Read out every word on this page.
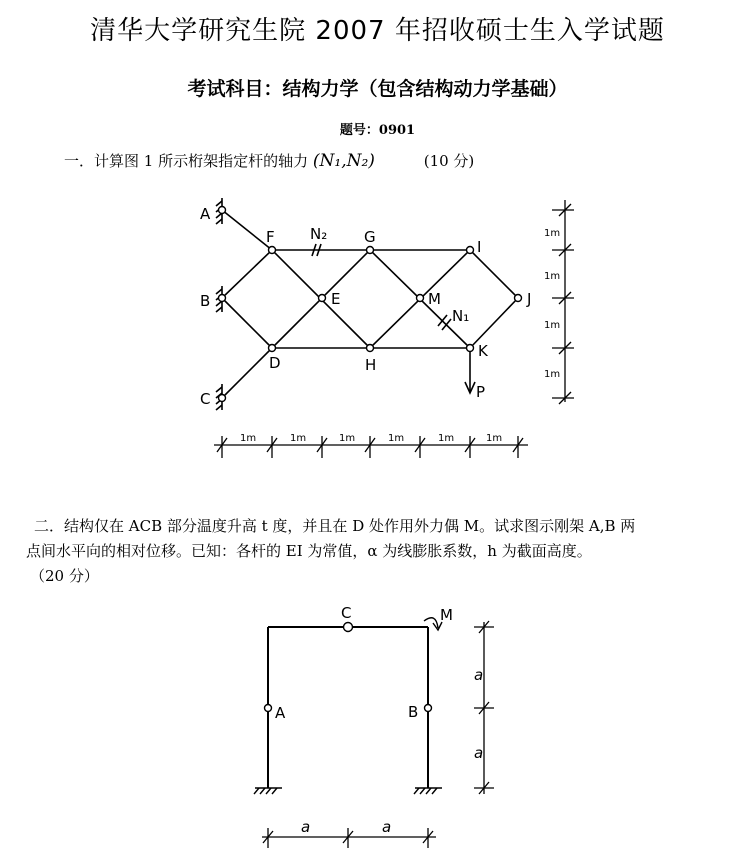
清华大学研究生院 2007 年招收硕士生入学试题
考试科目：结构力学（包含结构动力学基础）
题号：0901
一．计算图 1 所示桁架指定杆的轴力 (N₁,N₂)	(10 分)
A
B
C
F	G
I
E	M	J
D	H
K
P
N₂
N₁
1m	1m	1m	1m	1m	1m
1m
1m
1m
1m
二．结构仅在 ACB 部分温度升高 t 度，并且在 D 处作用外力偶 M。试求图示刚架 A,B 两
点间水平向的相对位移。已知：各杆的 EI 为常值，α 为线膨胀系数，h 为截面高度。
（20 分）
C
A	B
M
a
a
a	a
